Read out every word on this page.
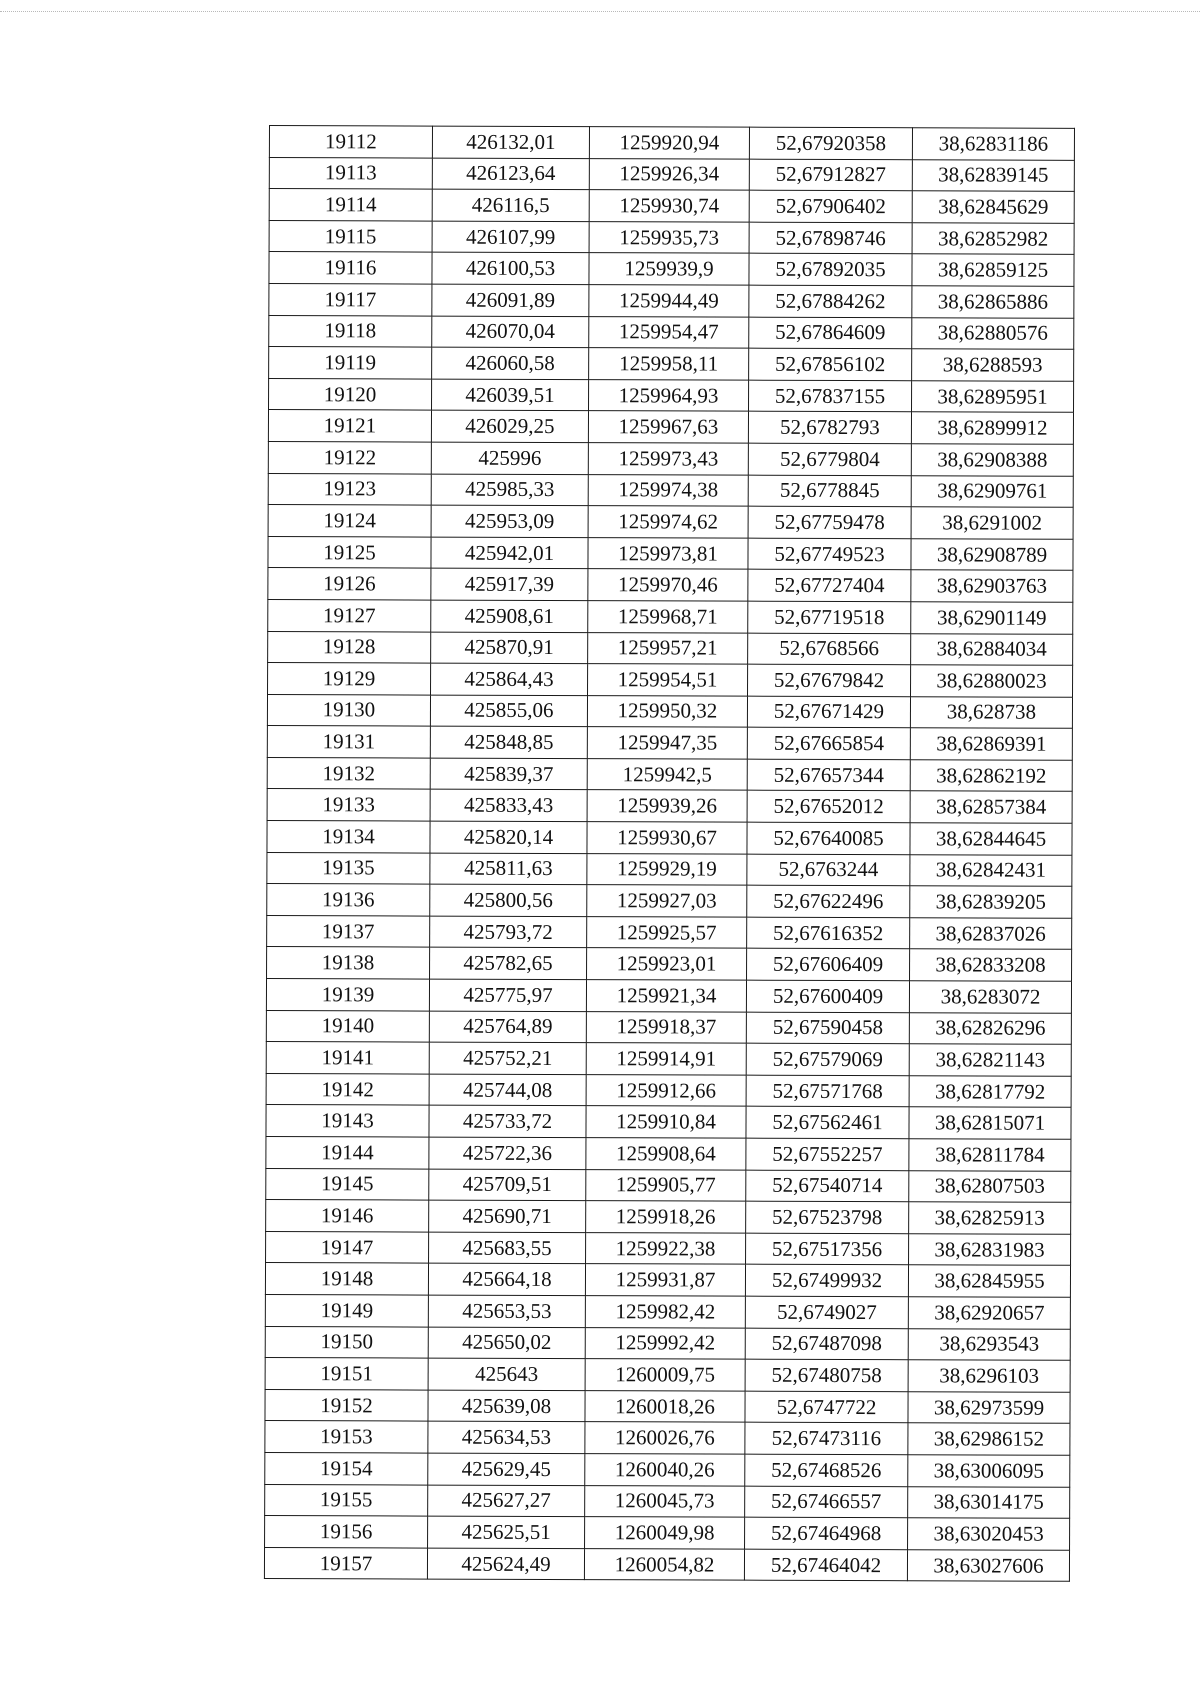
19112	426132,01	1259920,94	52,67920358	38,62831186
19113	426123,64	1259926,34	52,67912827	38,62839145
19114	426116,5	1259930,74	52,67906402	38,62845629
19115	426107,99	1259935,73	52,67898746	38,62852982
19116	426100,53	1259939,9	52,67892035	38,62859125
19117	426091,89	1259944,49	52,67884262	38,62865886
19118	426070,04	1259954,47	52,67864609	38,62880576
19119	426060,58	1259958,11	52,67856102	38,6288593
19120	426039,51	1259964,93	52,67837155	38,62895951
19121	426029,25	1259967,63	52,6782793	38,62899912
19122	425996	1259973,43	52,6779804	38,62908388
19123	425985,33	1259974,38	52,6778845	38,62909761
19124	425953,09	1259974,62	52,67759478	38,6291002
19125	425942,01	1259973,81	52,67749523	38,62908789
19126	425917,39	1259970,46	52,67727404	38,62903763
19127	425908,61	1259968,71	52,67719518	38,62901149
19128	425870,91	1259957,21	52,6768566	38,62884034
19129	425864,43	1259954,51	52,67679842	38,62880023
19130	425855,06	1259950,32	52,67671429	38,628738
19131	425848,85	1259947,35	52,67665854	38,62869391
19132	425839,37	1259942,5	52,67657344	38,62862192
19133	425833,43	1259939,26	52,67652012	38,62857384
19134	425820,14	1259930,67	52,67640085	38,62844645
19135	425811,63	1259929,19	52,6763244	38,62842431
19136	425800,56	1259927,03	52,67622496	38,62839205
19137	425793,72	1259925,57	52,67616352	38,62837026
19138	425782,65	1259923,01	52,67606409	38,62833208
19139	425775,97	1259921,34	52,67600409	38,6283072
19140	425764,89	1259918,37	52,67590458	38,62826296
19141	425752,21	1259914,91	52,67579069	38,62821143
19142	425744,08	1259912,66	52,67571768	38,62817792
19143	425733,72	1259910,84	52,67562461	38,62815071
19144	425722,36	1259908,64	52,67552257	38,62811784
19145	425709,51	1259905,77	52,67540714	38,62807503
19146	425690,71	1259918,26	52,67523798	38,62825913
19147	425683,55	1259922,38	52,67517356	38,62831983
19148	425664,18	1259931,87	52,67499932	38,62845955
19149	425653,53	1259982,42	52,6749027	38,62920657
19150	425650,02	1259992,42	52,67487098	38,6293543
19151	425643	1260009,75	52,67480758	38,6296103
19152	425639,08	1260018,26	52,6747722	38,62973599
19153	425634,53	1260026,76	52,67473116	38,62986152
19154	425629,45	1260040,26	52,67468526	38,63006095
19155	425627,27	1260045,73	52,67466557	38,63014175
19156	425625,51	1260049,98	52,67464968	38,63020453
19157	425624,49	1260054,82	52,67464042	38,63027606
